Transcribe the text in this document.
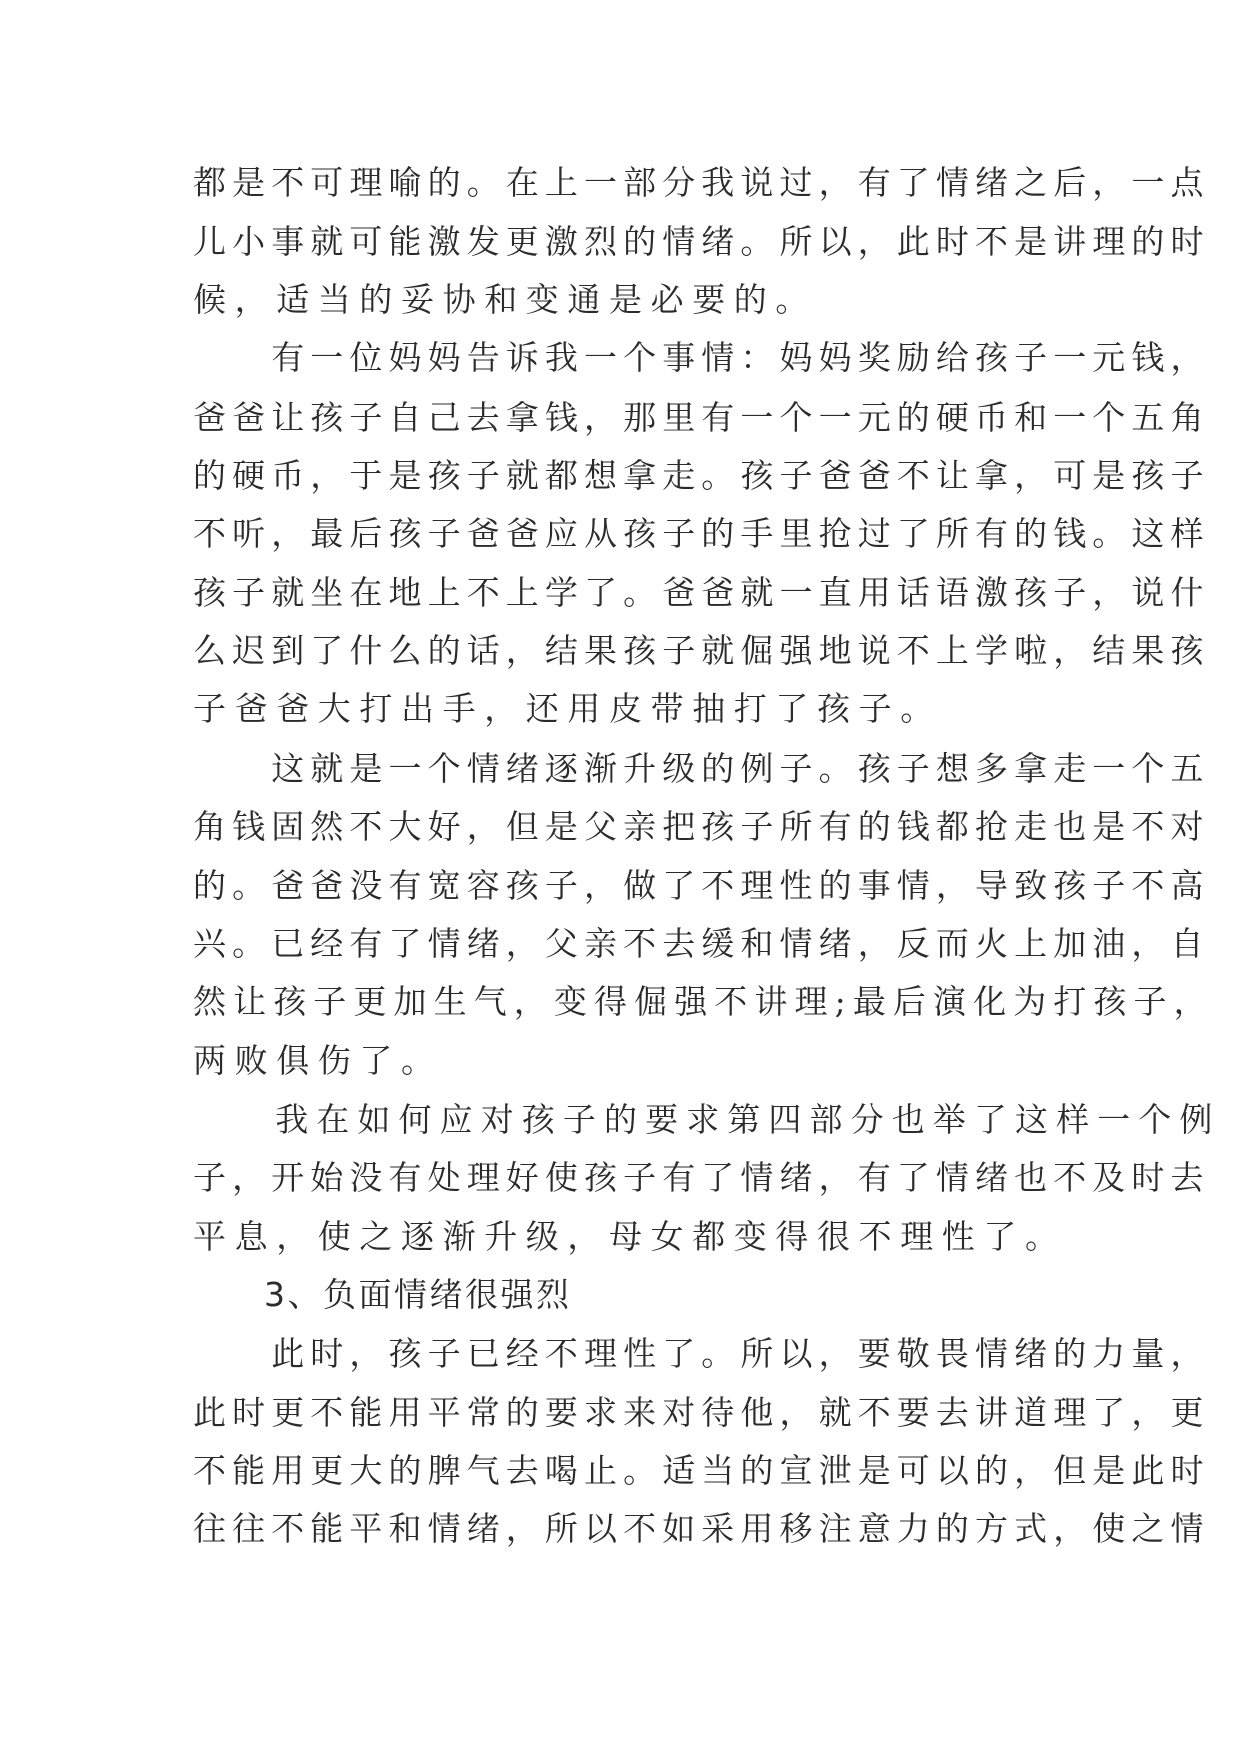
都是不可理喻的。在上一部分我说过，有了情绪之后，一点

儿小事就可能激发更激烈的情绪。所以，此时不是讲理的时

候，适当的妥协和变通是必要的。

　　有一位妈妈告诉我一个事情：妈妈奖励给孩子一元钱，

爸爸让孩子自己去拿钱，那里有一个一元的硬币和一个五角

的硬币，于是孩子就都想拿走。孩子爸爸不让拿，可是孩子

不听，最后孩子爸爸应从孩子的手里抢过了所有的钱。这样

孩子就坐在地上不上学了。爸爸就一直用话语激孩子，说什

么迟到了什么的话，结果孩子就倔强地说不上学啦，结果孩

子爸爸大打出手，还用皮带抽打了孩子。

　　这就是一个情绪逐渐升级的例子。孩子想多拿走一个五

角钱固然不大好，但是父亲把孩子所有的钱都抢走也是不对

的。爸爸没有宽容孩子，做了不理性的事情，导致孩子不高

兴。已经有了情绪，父亲不去缓和情绪，反而火上加油，自

然让孩子更加生气，变得倔强不讲理;最后演化为打孩子，

两败俱伤了。

　　我在如何应对孩子的要求第四部分也举了这样一个例

子，开始没有处理好使孩子有了情绪，有了情绪也不及时去

平息，使之逐渐升级，母女都变得很不理性了。

　　3、负面情绪很强烈

　　此时，孩子已经不理性了。所以，要敬畏情绪的力量，

此时更不能用平常的要求来对待他，就不要去讲道理了，更

不能用更大的脾气去喝止。适当的宣泄是可以的，但是此时

往往不能平和情绪，所以不如采用移注意力的方式，使之情
